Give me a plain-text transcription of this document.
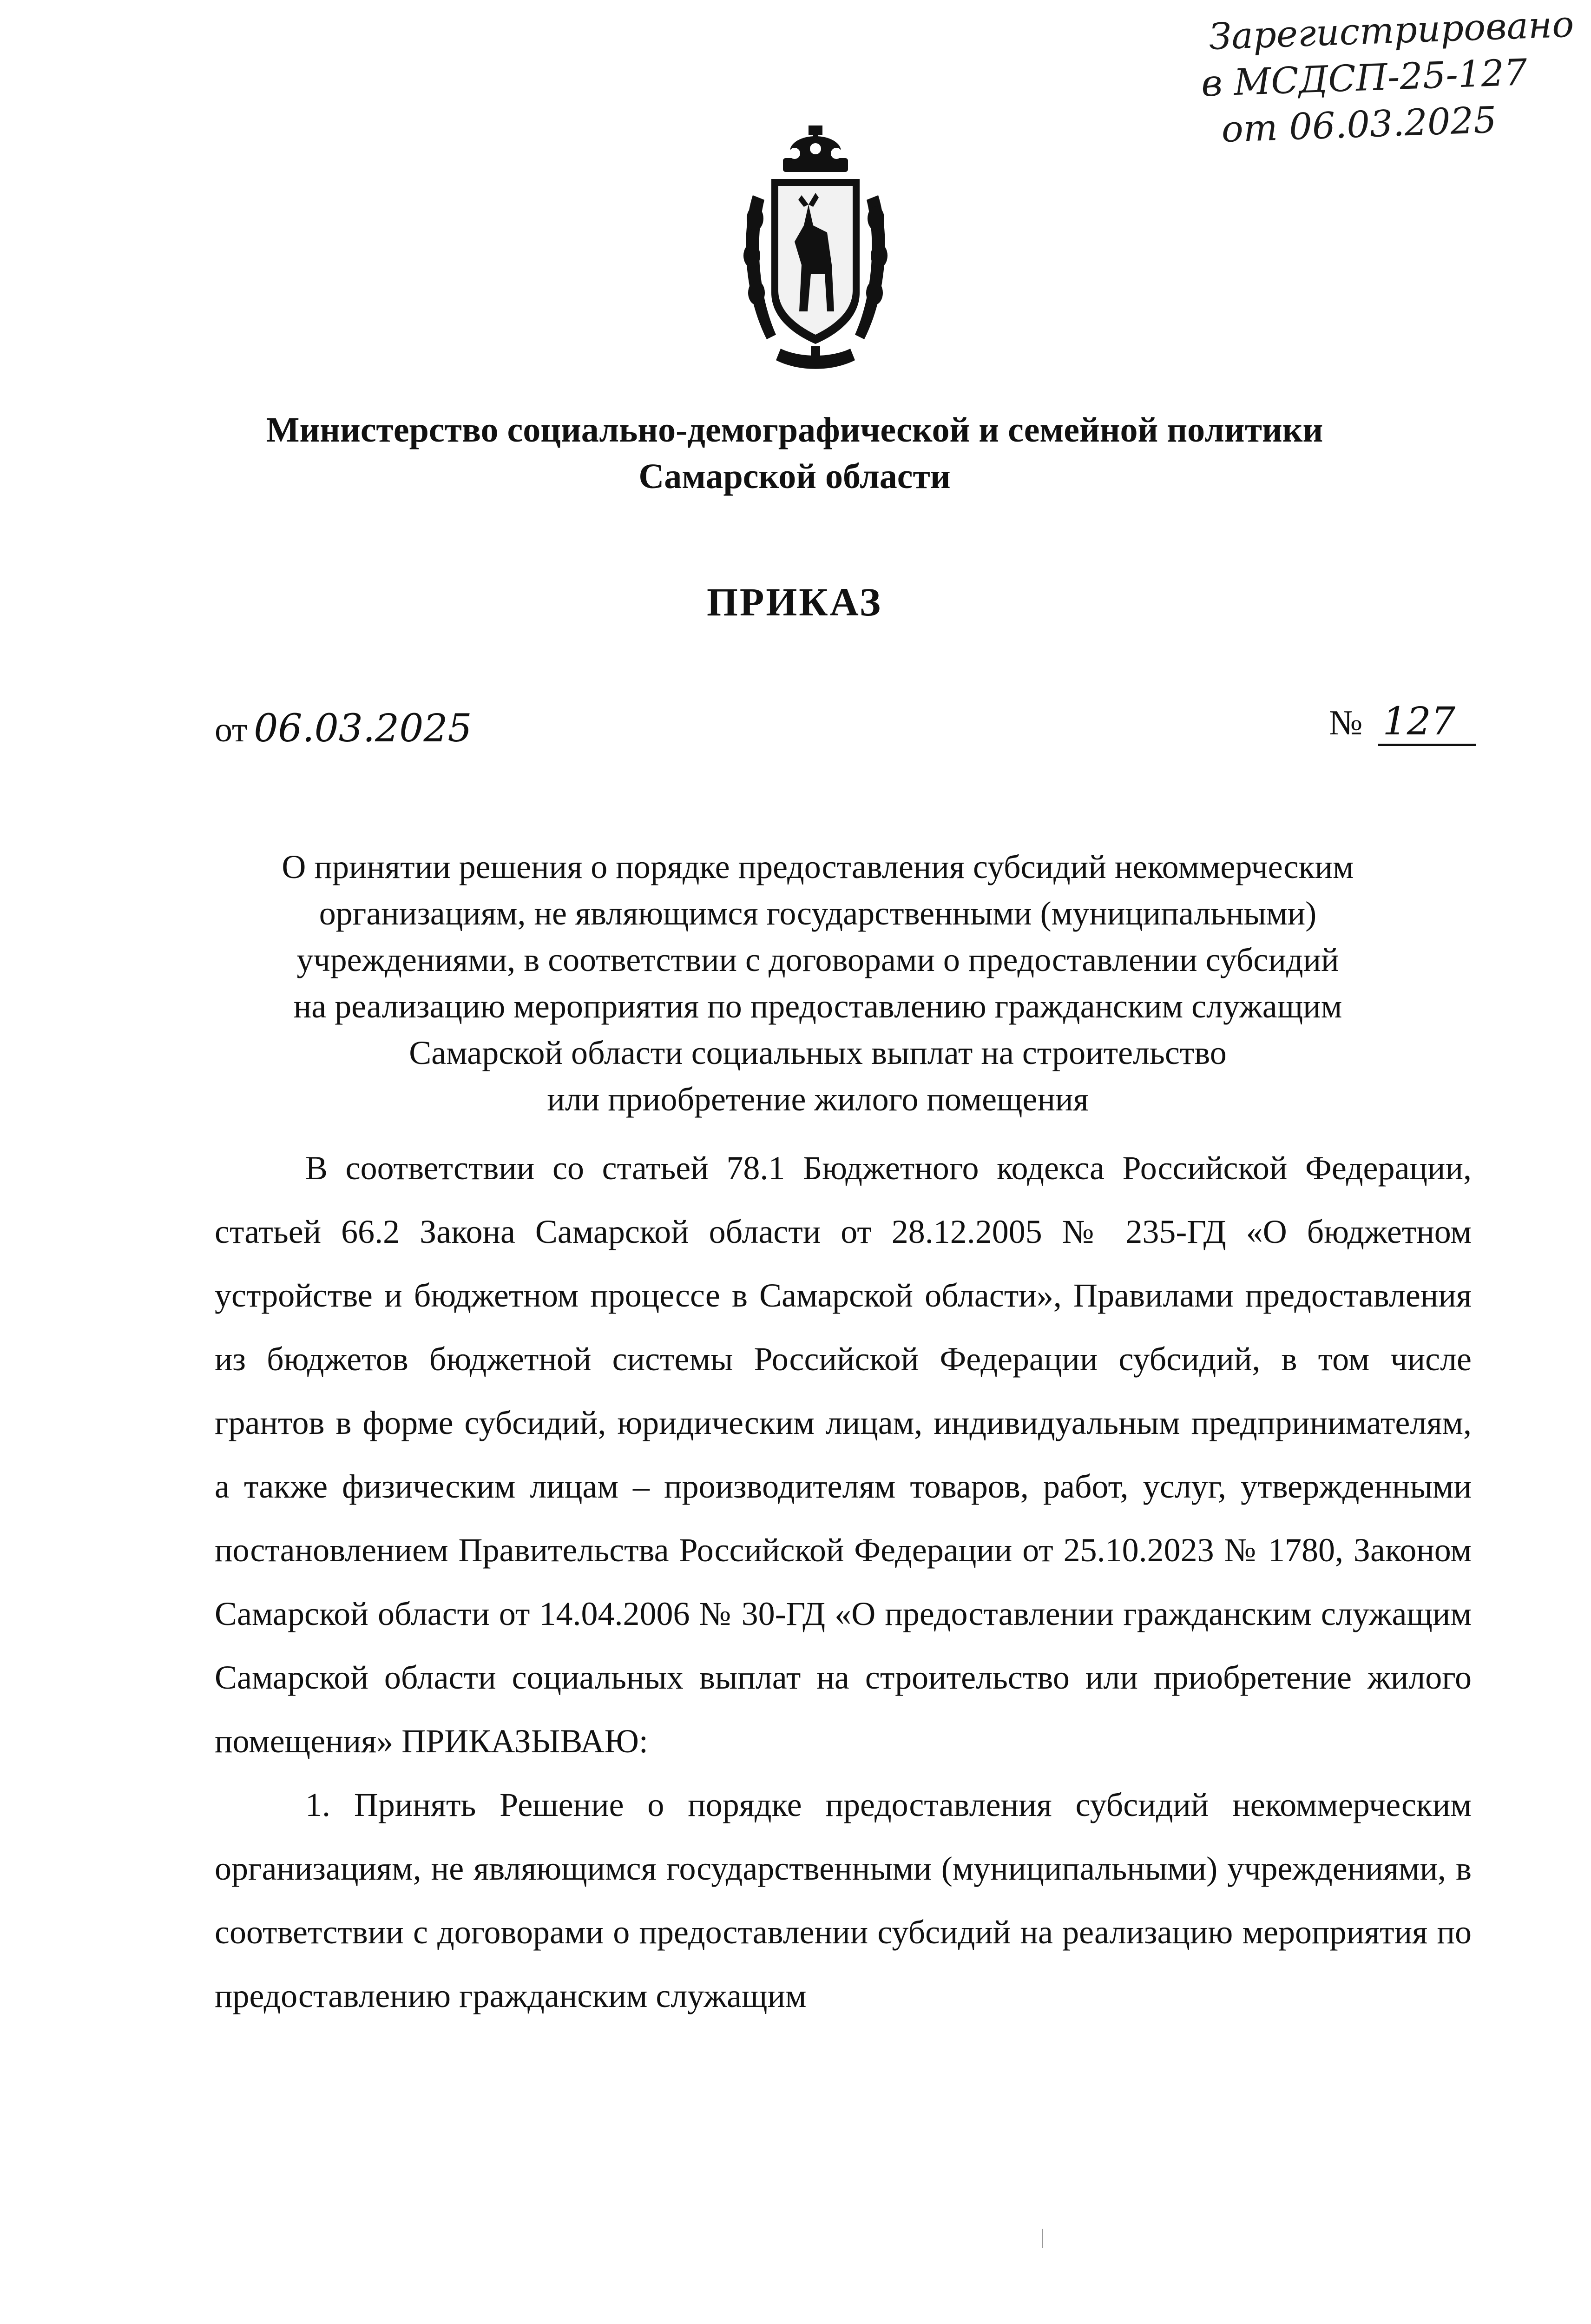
Зарегистрировано
в МСДСП-25-127
от 06.03.2025
Министерство социально-демографической и семейной политики
Самарской области
ПРИКАЗ
от 06.03.2025	№ 127
О принятии решения о порядке предоставления субсидий некоммерческим
организациям, не являющимся государственными (муниципальными)
учреждениями, в соответствии с договорами о предоставлении субсидий
на реализацию мероприятия по предоставлению гражданским служащим
Самарской области социальных выплат на строительство
или приобретение жилого помещения

В соответствии со статьей 78.1 Бюджетного кодекса Российской Федерации, статьей 66.2 Закона Самарской области от 28.12.2005 № 235-ГД «О бюджетном устройстве и бюджетном процессе в Самарской области», Правилами предоставления из бюджетов бюджетной системы Российской Федерации субсидий, в том числе грантов в форме субсидий, юридическим лицам, индивидуальным предпринимателям, а также физическим лицам – производителям товаров, работ, услуг, утвержденными постановлением Правительства Российской Федерации от 25.10.2023 № 1780, Законом Самарской области от 14.04.2006 № 30-ГД «О предоставлении гражданским служащим Самарской области социальных выплат на строительство или приобретение жилого помещения» ПРИКАЗЫВАЮ:

1. Принять Решение о порядке предоставления субсидий некоммерческим организациям, не являющимся государственными (муниципальными) учреждениями, в соответствии с договорами о предоставлении субсидий на реализацию мероприятия по предоставлению гражданским служащим
